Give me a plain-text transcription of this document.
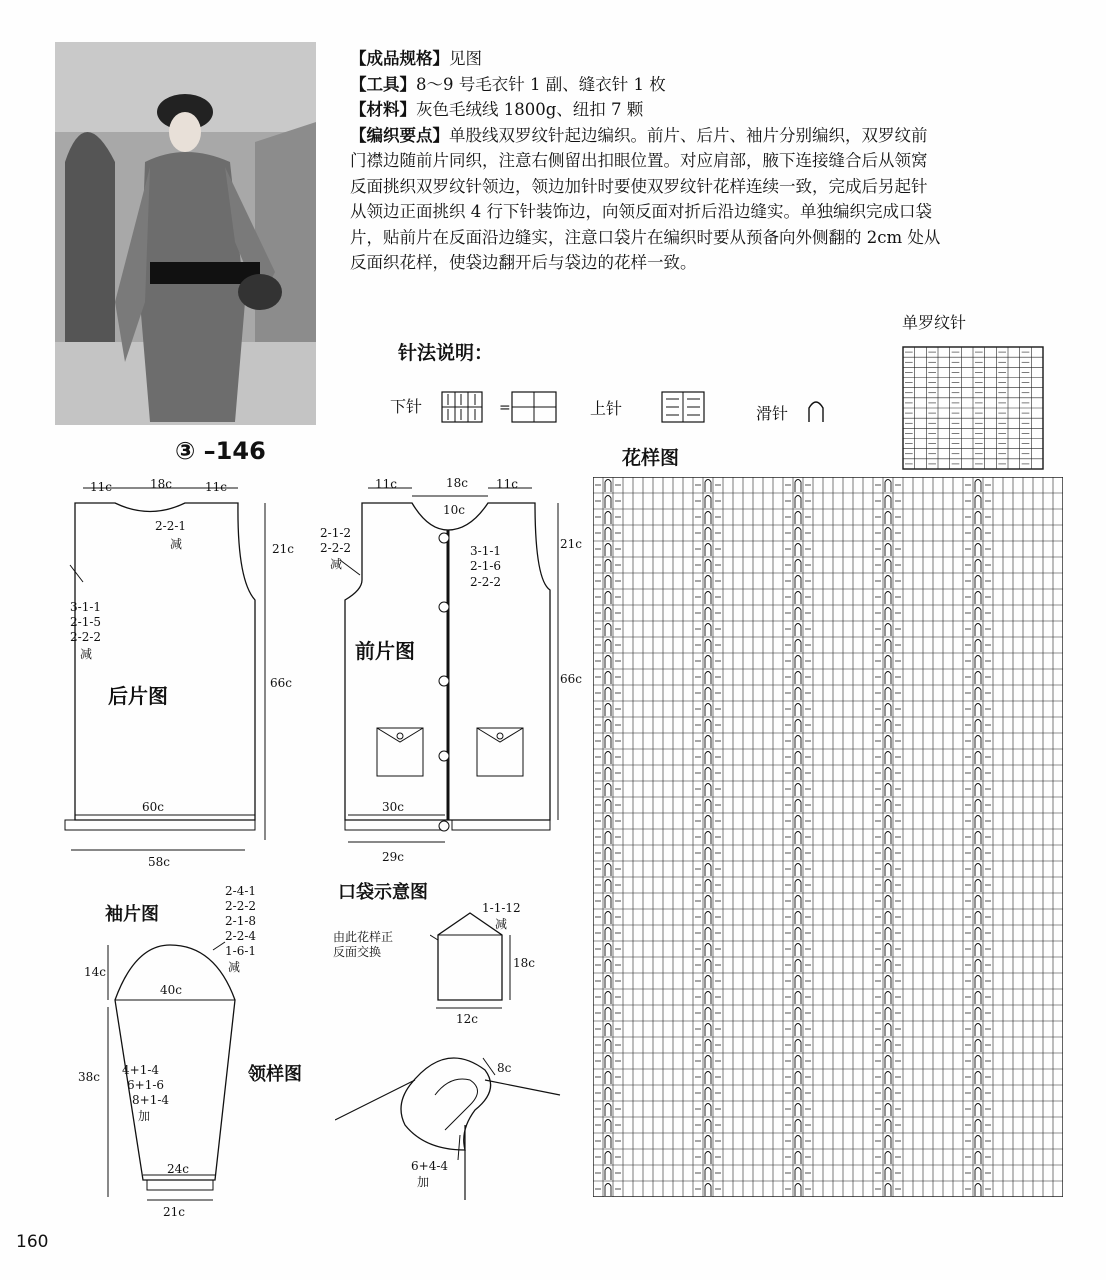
【成品规格】见图
【工具】8～9 号毛衣针 1 副、缝衣针 1 枚
【材料】灰色毛绒线 1800g、纽扣 7 颗
【编织要点】单股线双罗纹针起边编织。前片、后片、袖片分别编织，双罗纹前
门襟边随前片同织，注意右侧留出扣眼位置。对应肩部，腋下连接缝合后从领窝
反面挑织双罗纹针领边，领边加针时要使双罗纹针花样连续一致，完成后另起针
从领边正面挑织 4 行下针装饰边，向领反面对折后沿边缝实。单独编织完成口袋
片，贴前片在反面沿边缝实，注意口袋片在编织时要从预备向外侧翻的 2cm 处从
反面织花样，使袋边翻开后与袋边的花样一致。
③ –146
针法说明：
下针	=	上针	滑针
单罗纹针
花样图
11c	18c	11c
2-2-1
减
3-1-1
2-1-5
2-2-2
减
21c
66c
60c
58c
后片图
11c	18c 11c
10c
2-1-2
2-2-2
减
3-1-1
2-1-6
2-2-2
21c
66c
30c
29c
前片图
袖片图
2-4-1
2-2-2
2-1-8
2-2-4
1-6-1
减
14c
40c
38c 4+1-4
6+1-6
8+1-4
加
24c
21c
口袋示意图
1-1-12
减
由此花样正
反面交换
18c
12c
领样图	8c
6+4-4
加
160
